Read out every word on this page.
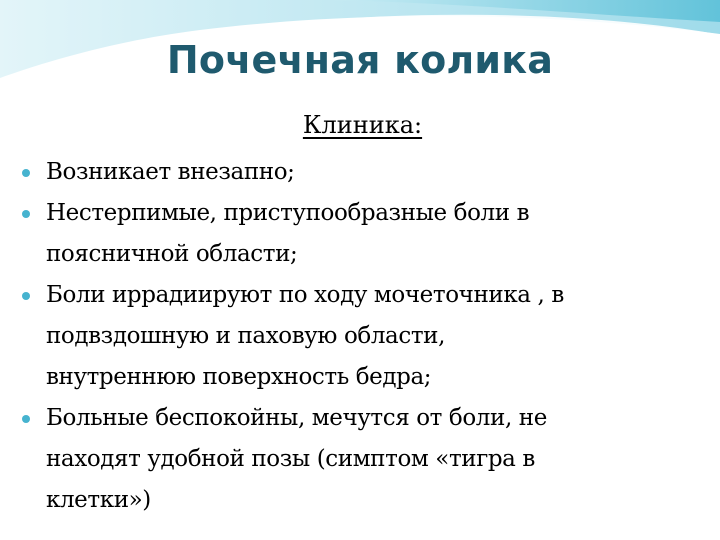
Почечная колика
Клиника:
Возникает внезапно;
Нестерпимые, приступообразные боли в
поясничной области;
Боли иррадиируют по ходу мочеточника , в
подвздошную и паховую области,
внутреннюю поверхность бедра;
Больные беспокойны, мечутся от боли, не
находят удобной позы (симптом «тигра в
клетки»)
